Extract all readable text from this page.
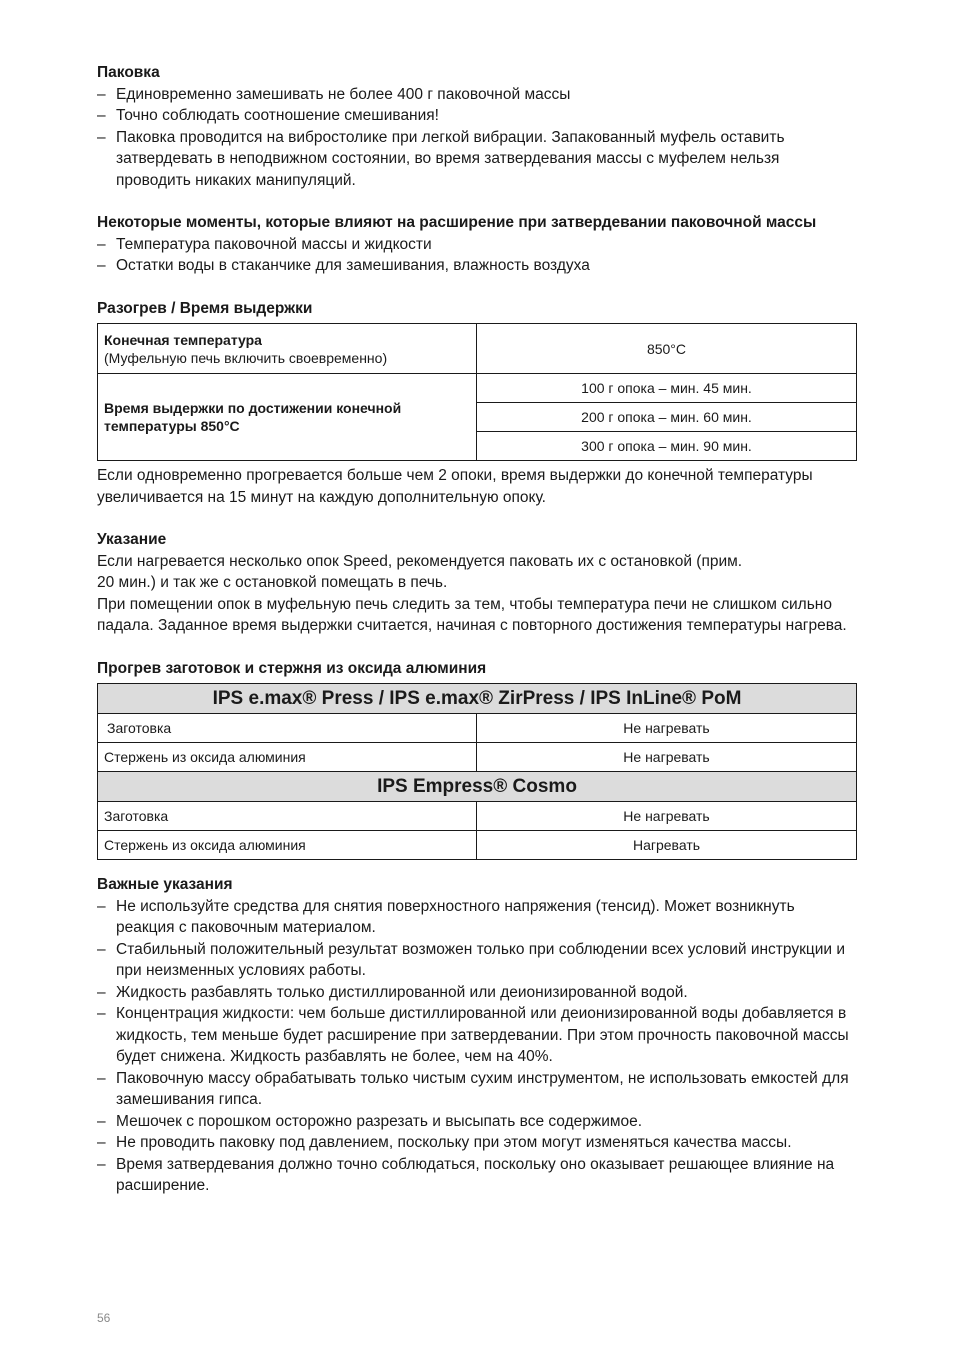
Паковка

– Единовременно замешивать не более 400 г паковочной массы
– Точно соблюдать соотношение смешивания!
– Паковка проводится на вибростолике при легкой вибрации. Запакованный муфель оставить затвердевать в неподвижном состоянии, во время затвердевания массы с муфелем нельзя проводить никаких манипуляций.

Некоторые моменты, которые влияют на расширение при затвердевании паковочной массы

– Температура паковочной массы и жидкости
– Остатки воды в стаканчике для замешивания, влажность воздуха

Разогрев / Время выдержки

Конечная температура
(Муфельную печь включить своевременно)	850°C
Время выдержки по достижении конечной температуры 850°C	100 г опока – мин. 45 мин.
	200 г опока – мин. 60 мин.
	300 г опока – мин. 90 мин.

Если одновременно прогревается больше чем 2 опоки, время выдержки до конечной температуры увеличивается на 15 минут на каждую дополнительную опоку.

Указание

Если нагревается несколько опок Speed, рекомендуется паковать их с остановкой (прим.

20 мин.) и так же с остановкой помещать в печь.

При помещении опок в муфельную печь следить за тем, чтобы температура печи не слишком сильно падала. Заданное время выдержки считается, начиная с повторного достижения температуры нагрева.

Прогрев заготовок и стержня из оксида алюминия

IPS e.max® Press / IPS e.max® ZirPress / IPS InLine® PoM	
Заготовка	Не нагревать
Стержень из оксида алюминия	Не нагревать
IPS Empress® Cosmo	
Заготовка	Не нагревать
Стержень из оксида алюминия	Нагревать

Важные указания

– Не используйте средства для снятия поверхностного напряжения (тенсид). Может возникнуть реакция с паковочным материалом.
– Стабильный положительный результат возможен только при соблюдении всех условий инструкции и при неизменных условиях работы.
– Жидкость разбавлять только дистиллированной или деионизированной водой.
– Концентрация жидкости: чем больше дистиллированной или деионизированной воды добавляется в жидкость, тем меньше будет расширение при затвердевании. При этом прочность паковочной массы будет снижена. Жидкость разбавлять не более, чем на 40%.
– Паковочную массу обрабатывать только чистым сухим инструментом, не использовать емкостей для замешивания гипса.
– Мешочек с порошком осторожно разрезать и высыпать все содержимое.
– Не проводить паковку под давлением, поскольку при этом могут изменяться качества массы.
– Время затвердевания должно точно соблюдаться, поскольку оно оказывает решающее влияние на расширение.
56
